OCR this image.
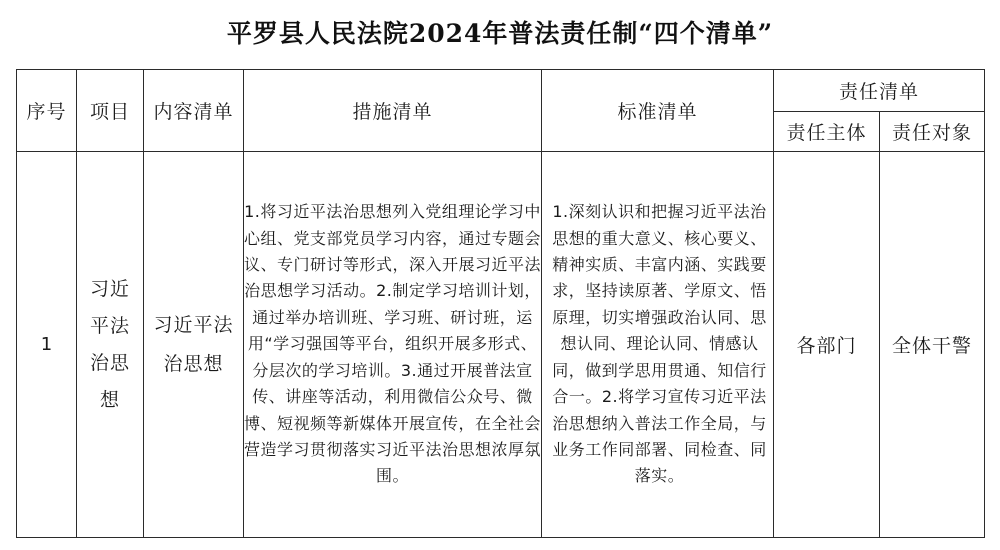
平罗县人民法院2024年普法责任制“四个清单”
序号	项目	内容清单	措施清单	标准清单	责任清单	
					责任主体	责任对象
1	习近平法治思想	习近平法治思想	1.将习近平法治思想列入党组理论学习中心组、党支部党员学习内容，通过专题会议、专门研讨等形式，深入开展习近平法治思想学习活动。2.制定学习培训计划，通过举办培训班、学习班、研讨班，运用“学习强国等平台，组织开展多形式、分层次的学习培训。3.通过开展普法宣传、讲座等活动，利用微信公众号、微博、短视频等新媒体开展宣传，在全社会营造学习贯彻落实习近平法治思想浓厚氛围。	1.深刻认识和把握习近平法治思想的重大意义、核心要义、精神实质、丰富内涵、实践要求，坚持读原著、学原文、悟原理，切实增强政治认同、思想认同、理论认同、情感认同，做到学思用贯通、知信行合一。2.将学习宣传习近平法治思想纳入普法工作全局，与业务工作同部署、同检查、同落实。	各部门	全体干警
